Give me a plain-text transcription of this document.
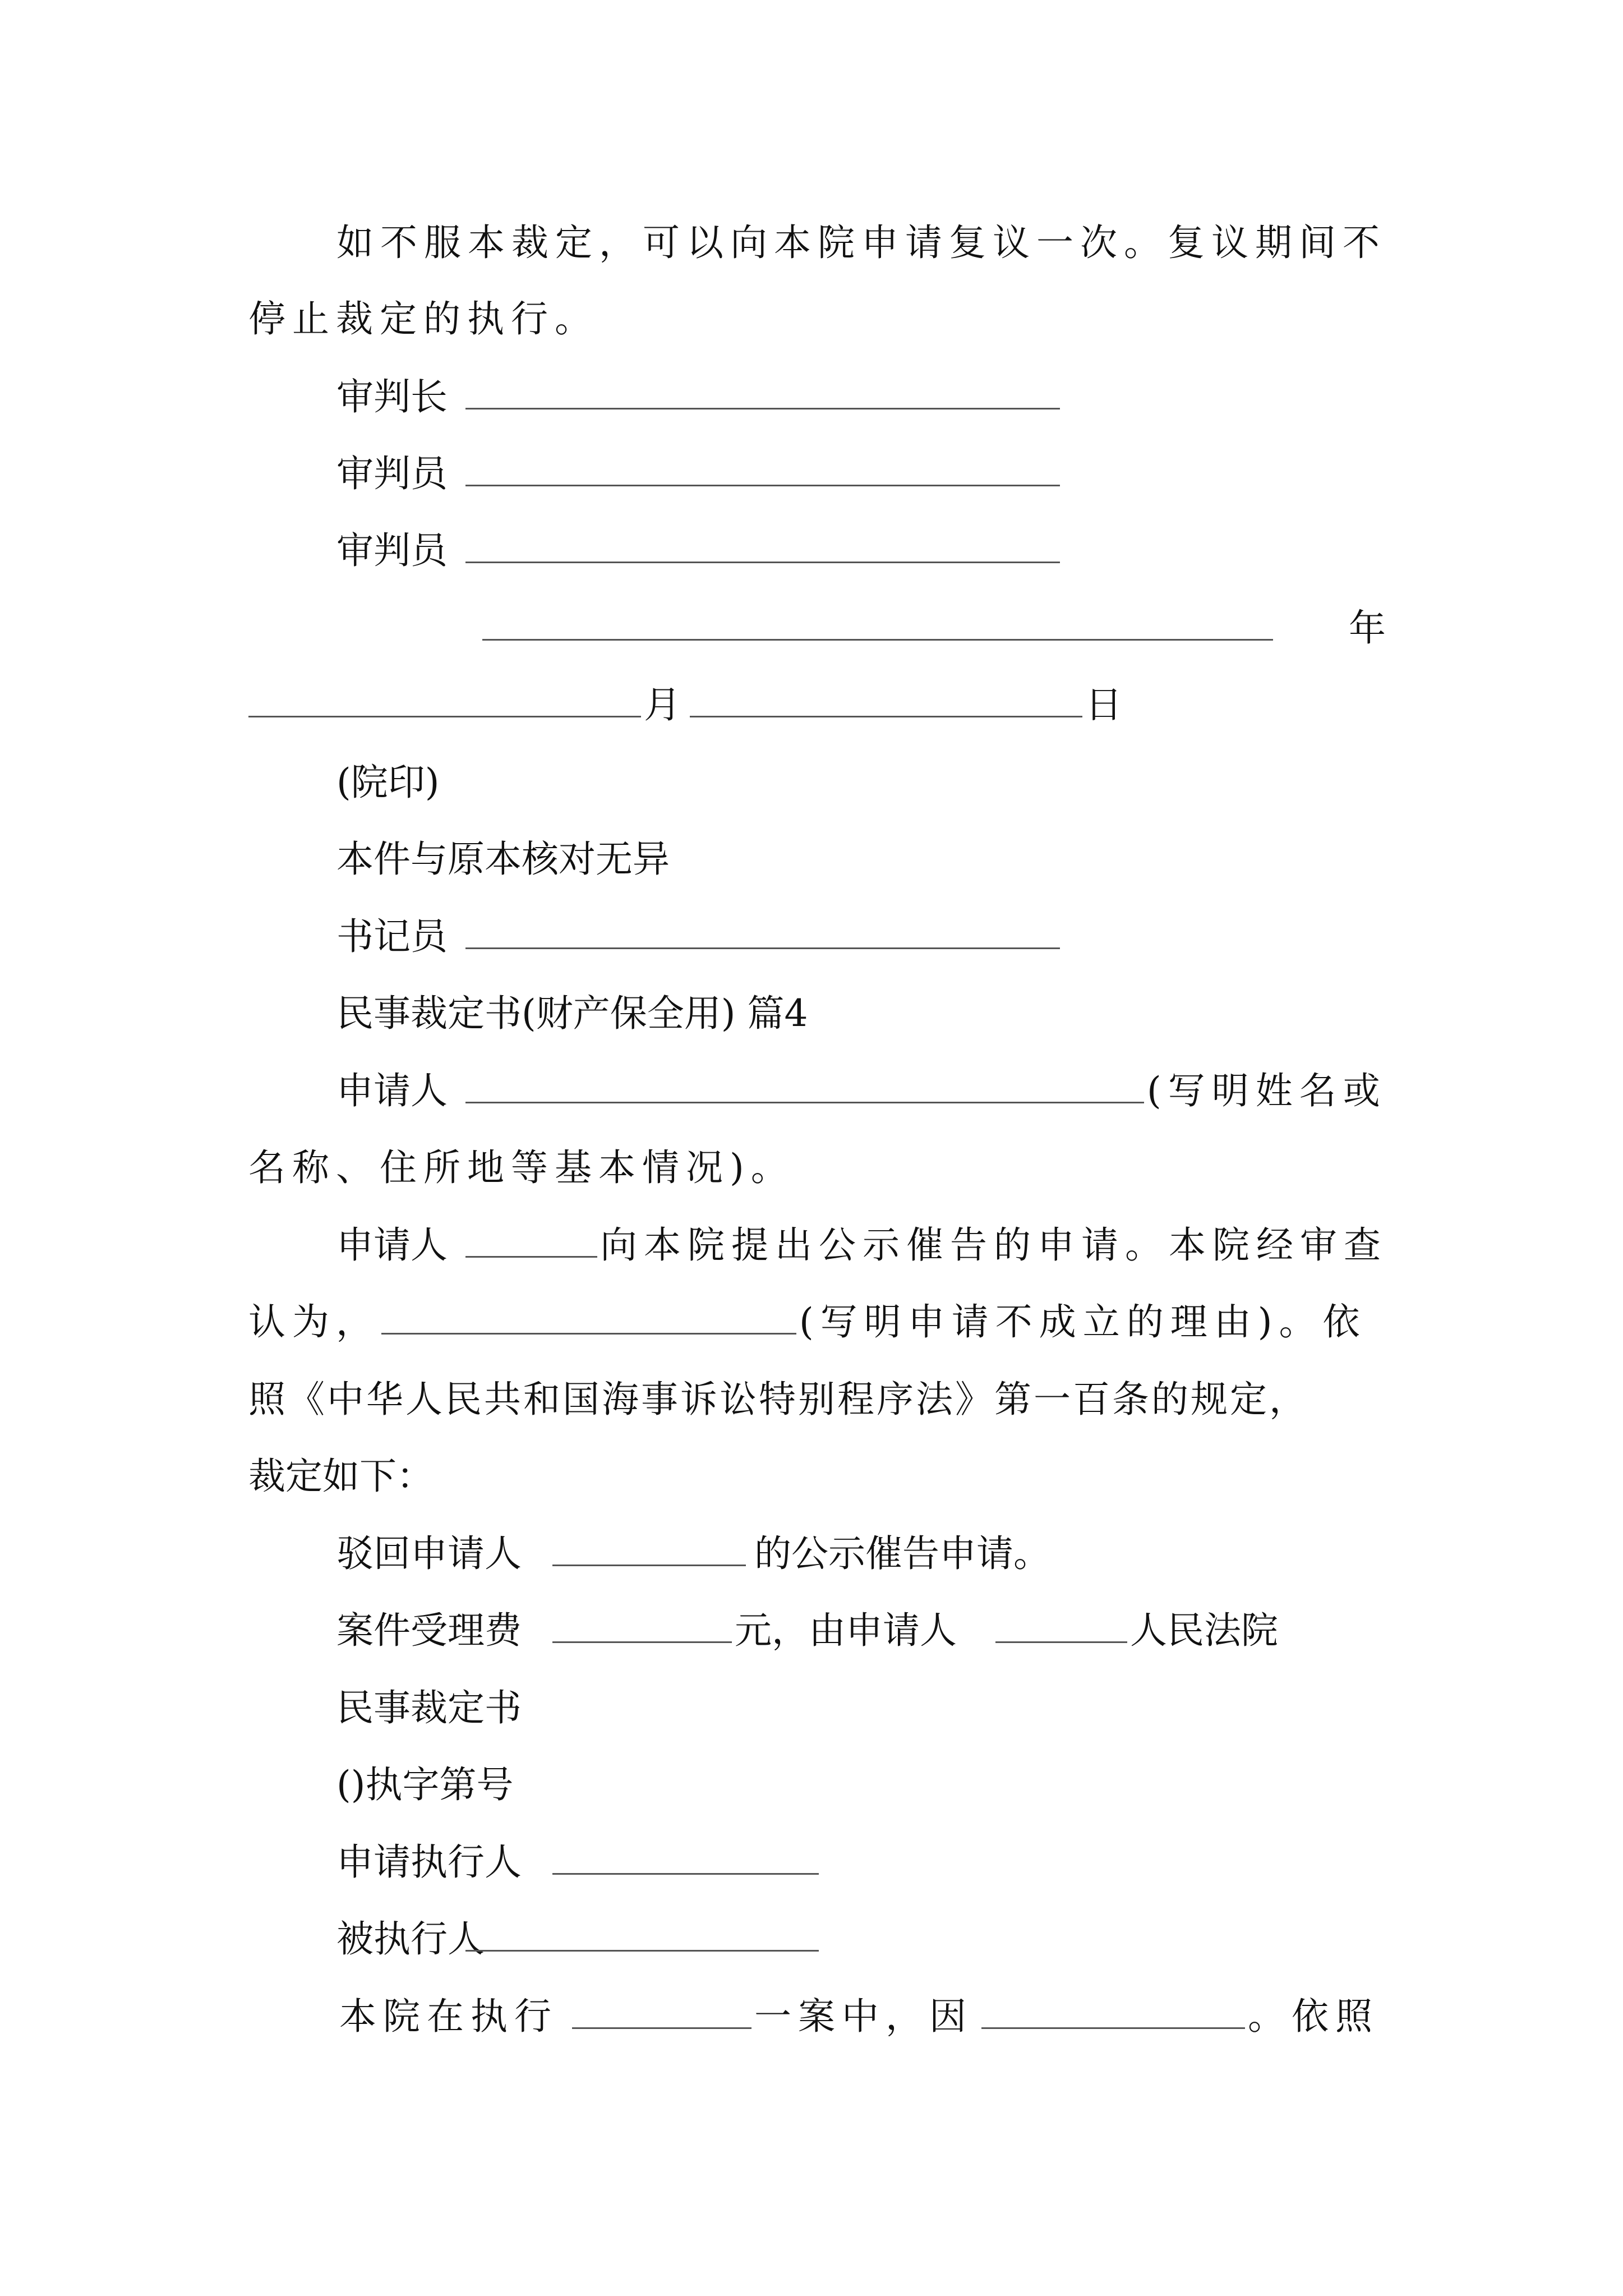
如不服本裁定，可以向本院申请复议一次。复议期间不
停止裁定的执行。
审判长
审判员
审判员
年
月	日
(院印)
本件与原本核对无异
书记员
民事裁定书(财产保全用) 篇4
申请人	(写明姓名或
名称、住所地等基本情况)。
申请人	向本院提出公示催告的申请。本院经审查
认为，	(写明申请不成立的理由)。依
照《中华人民共和国海事诉讼特别程序法》第一百条的规定，
裁定如下：
驳回申请人	的公示催告申请。
案件受理费	元，由申请人	人民法院
民事裁定书
()执字第号
申请执行人
被执行人
本院在执行	一案中，因	。依照
